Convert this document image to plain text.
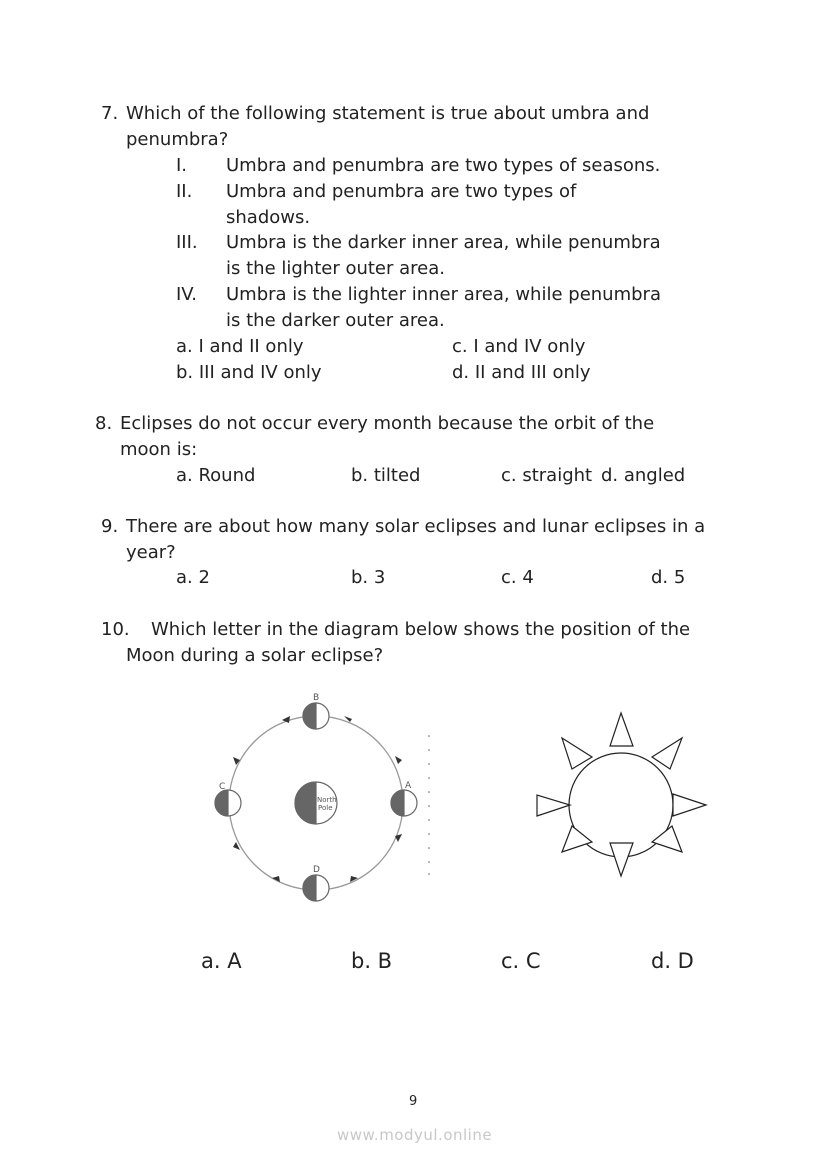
7. Which of the following statement is true about umbra and
penumbra?
I. Umbra and penumbra are two types of seasons.
II. Umbra and penumbra are two types of
shadows.
III. Umbra is the darker inner area, while penumbra
is the lighter outer area.
IV. Umbra is the lighter inner area, while penumbra
is the darker outer area.
a. I and II only	c. I and IV only
b. III and IV only	d. II and III only
8. Eclipses do not occur every month because the orbit of the
moon is:
a. Round	b. tilted	c. straight d. angled
9. There are about how many solar eclipses and lunar eclipses in a
year?
a. 2	b. 3	c. 4	d. 5
10. Which letter in the diagram below shows the position of the
Moon during a solar eclipse?
North
Pole
A
B
C
D
a. A	b. B	c. C	d. D
9
www.modyul.online
